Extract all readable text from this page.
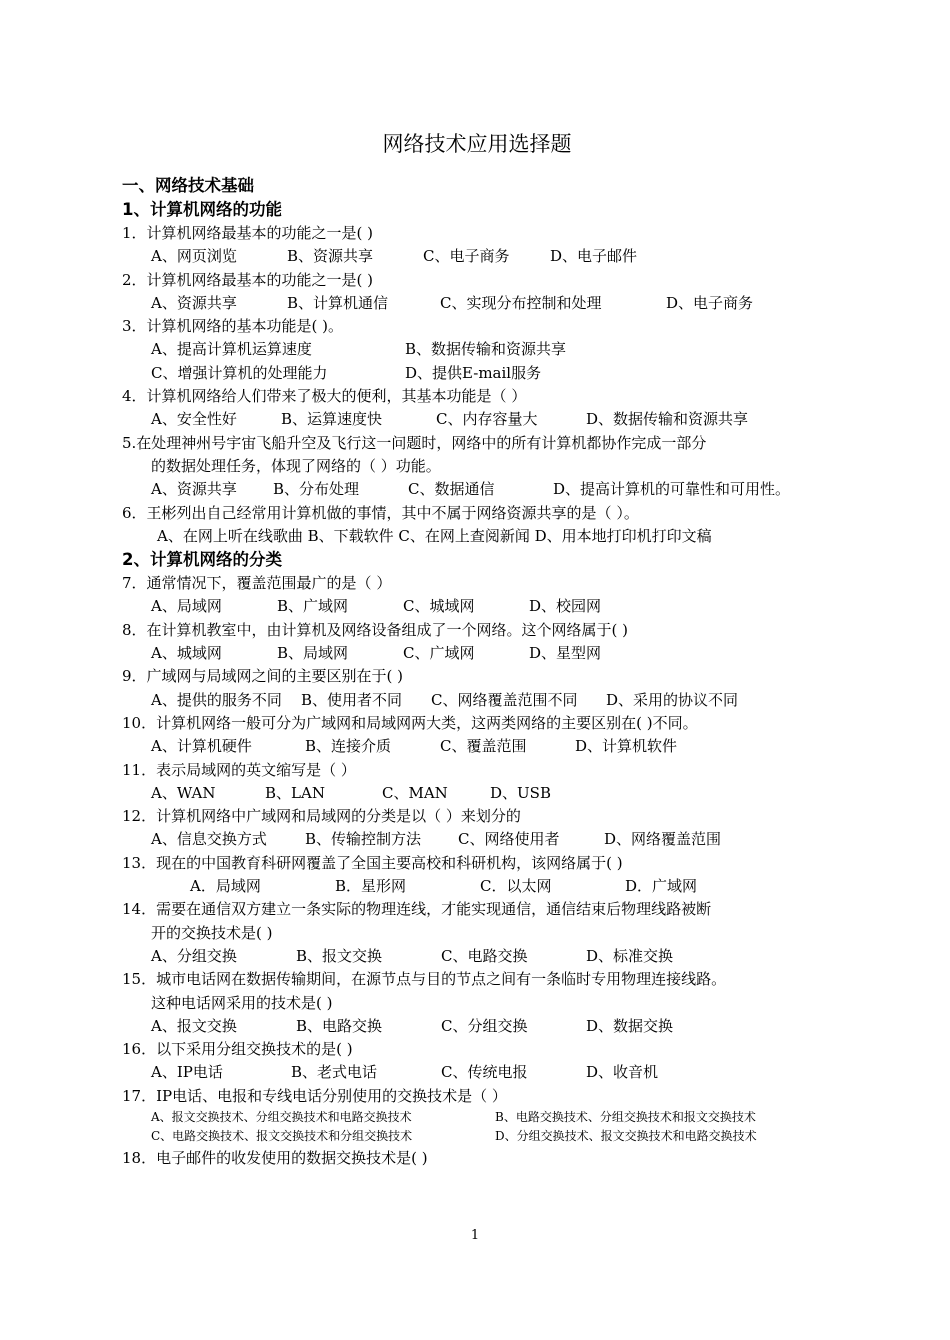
网络技术应用选择题
一、网络技术基础
1、计算机网络的功能
1．计算机网络最基本的功能之一是( )
A、网页浏览	B、资源共享	C、电子商务	D、电子邮件
2．计算机网络最基本的功能之一是( )
A、资源共享	B、计算机通信	C、实现分布控制和处理	D、电子商务
3．计算机网络的基本功能是( )。
A、提高计算机运算速度	B、数据传输和资源共享
C、增强计算机的处理能力	D、提供E-mail服务
4．计算机网络给人们带来了极大的便利，其基本功能是（ ）
A、安全性好	B、运算速度快	C、内存容量大	D、数据传输和资源共享
5.在处理神州号宇宙飞船升空及飞行这一问题时，网络中的所有计算机都协作完成一部分
的数据处理任务，体现了网络的（ ）功能。
A、资源共享 B、分布处理	C、数据通信	D、提高计算机的可靠性和可用性。
6．王彬列出自己经常用计算机做的事情，其中不属于网络资源共享的是（ ）。
A、在网上听在线歌曲 B、下载软件 C、在网上查阅新闻 D、用本地打印机打印文稿
2、计算机网络的分类
7．通常情况下，覆盖范围最广的是（ ）
A、局域网	B、广域网	C、城域网	D、校园网
8．在计算机教室中，由计算机及网络设备组成了一个网络。这个网络属于( )
A、城域网	B、局域网	C、广域网	D、星型网
9．广域网与局域网之间的主要区别在于( )
A、提供的服务不同 B、使用者不同 C、网络覆盖范围不同 D、采用的协议不同
10．计算机网络一般可分为广域网和局域网两大类，这两类网络的主要区别在( )不同。
A、计算机硬件	B、连接介质	C、覆盖范围	D、计算机软件
11．表示局域网的英文缩写是（ ）
A、WAN	B、LAN	C、MAN	D、USB
12．计算机网络中广域网和局域网的分类是以（ ）来划分的
A、信息交换方式	B、传输控制方法 C、网络使用者	D、网络覆盖范围
13．现在的中国教育科研网覆盖了全国主要高校和科研机构，该网络属于( )
A．局域网	B．星形网	C．以太网	D．广域网
14．需要在通信双方建立一条实际的物理连线，才能实现通信，通信结束后物理线路被断
开的交换技术是( )
A、分组交换	B、报文交换	C、电路交换	D、标准交换
15．城市电话网在数据传输期间，在源节点与目的节点之间有一条临时专用物理连接线路。
这种电话网采用的技术是( )
A、报文交换	B、电路交换	C、分组交换	D、数据交换
16．以下采用分组交换技术的是( )
A、IP电话	B、老式电话	C、传统电报	D、收音机
17．IP电话、电报和专线电话分别使用的交换技术是（ ）
A、报文交换技术、分组交换技术和电路交换技术	B、电路交换技术、分组交换技术和报文交换技术
C、电路交换技术、报文交换技术和分组交换技术	D、分组交换技术、报文交换技术和电路交换技术
18．电子邮件的收发使用的数据交换技术是( )
1
